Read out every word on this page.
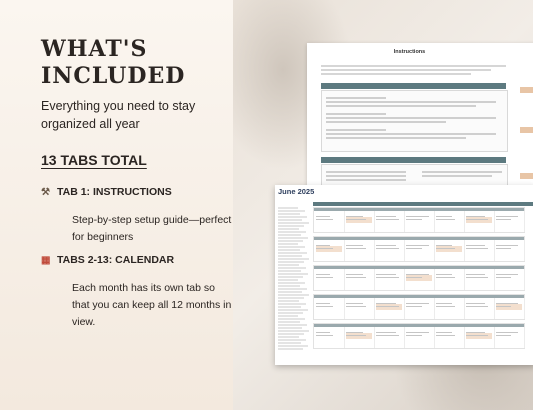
WHAT'S INCLUDED
Everything you need to stay organized all year
13 TABS TOTAL
⚒ TAB 1: INSTRUCTIONS
Step-by-step setup guide—perfect for beginners
▦ TABS 2-13: CALENDAR
Each month has its own tab so that you can keep all 12 months in view.
Instructions
June 2025
